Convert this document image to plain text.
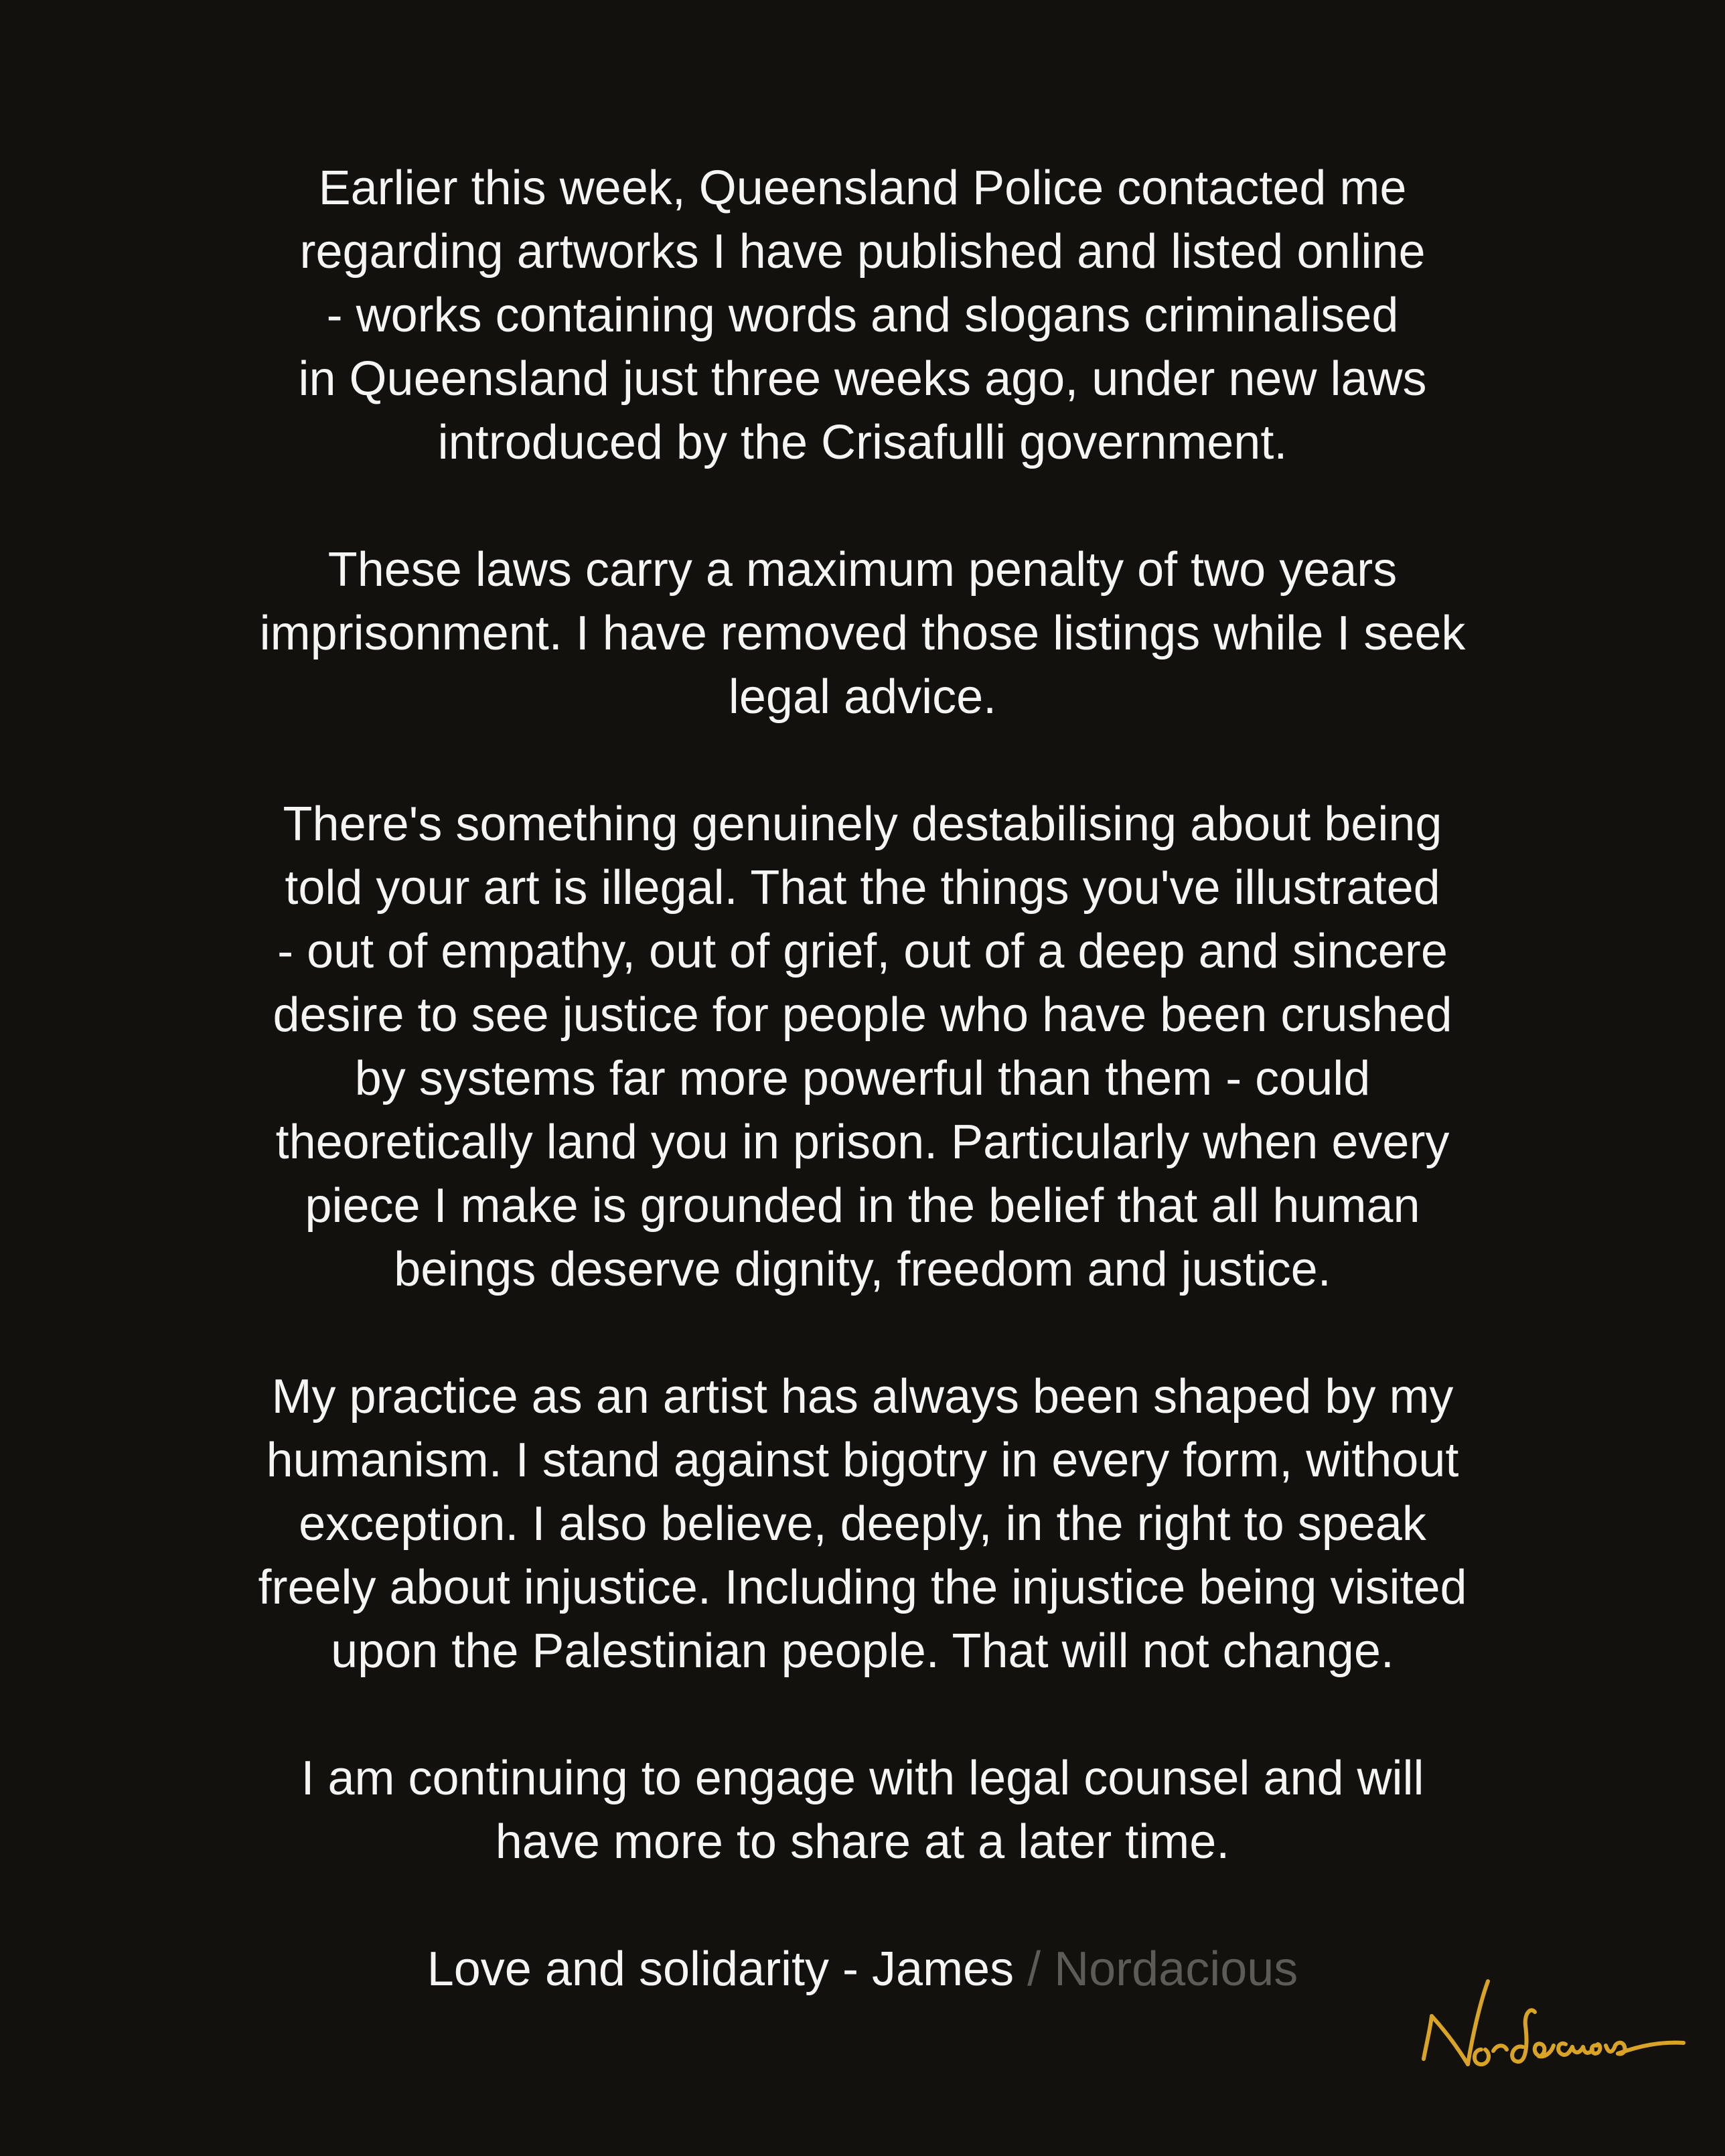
Earlier this week, Queensland Police contacted me
regarding artworks I have published and listed online
- works containing words and slogans criminalised
in Queensland just three weeks ago, under new laws
introduced by the Crisafulli government.

These laws carry a maximum penalty of two years
imprisonment. I have removed those listings while I seek
legal advice.

There's something genuinely destabilising about being
told your art is illegal. That the things you've illustrated
- out of empathy, out of grief, out of a deep and sincere
desire to see justice for people who have been crushed
by systems far more powerful than them - could
theoretically land you in prison. Particularly when every
piece I make is grounded in the belief that all human
beings deserve dignity, freedom and justice.

My practice as an artist has always been shaped by my
humanism. I stand against bigotry in every form, without
exception. I also believe, deeply, in the right to speak
freely about injustice. Including the injustice being visited
upon the Palestinian people. That will not change.

I am continuing to engage with legal counsel and will
have more to share at a later time.

Love and solidarity - James / Nordacious
